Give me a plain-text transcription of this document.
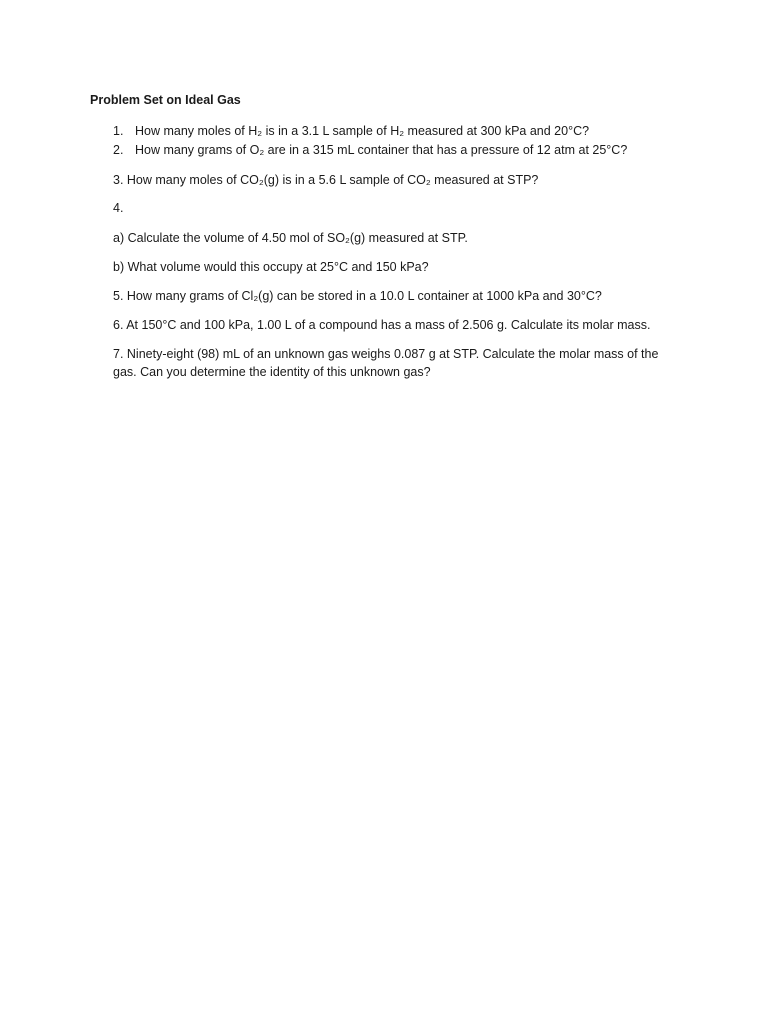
Problem Set on Ideal Gas
1. How many moles of H₂ is in a 3.1 L sample of H₂ measured at 300 kPa and 20°C?
2. How many grams of O₂ are in a 315 mL container that has a pressure of 12 atm at 25°C?
3. How many moles of CO₂(g) is in a 5.6 L sample of CO₂ measured at STP?
4.
a) Calculate the volume of 4.50 mol of SO₂(g) measured at STP.
b) What volume would this occupy at 25°C and 150 kPa?
5. How many grams of Cl₂(g) can be stored in a 10.0 L container at 1000 kPa and 30°C?
6. At 150°C and 100 kPa, 1.00 L of a compound has a mass of 2.506 g. Calculate its molar mass.
7. Ninety-eight (98) mL of an unknown gas weighs 0.087 g at STP. Calculate the molar mass of the gas. Can you determine the identity of this unknown gas?
